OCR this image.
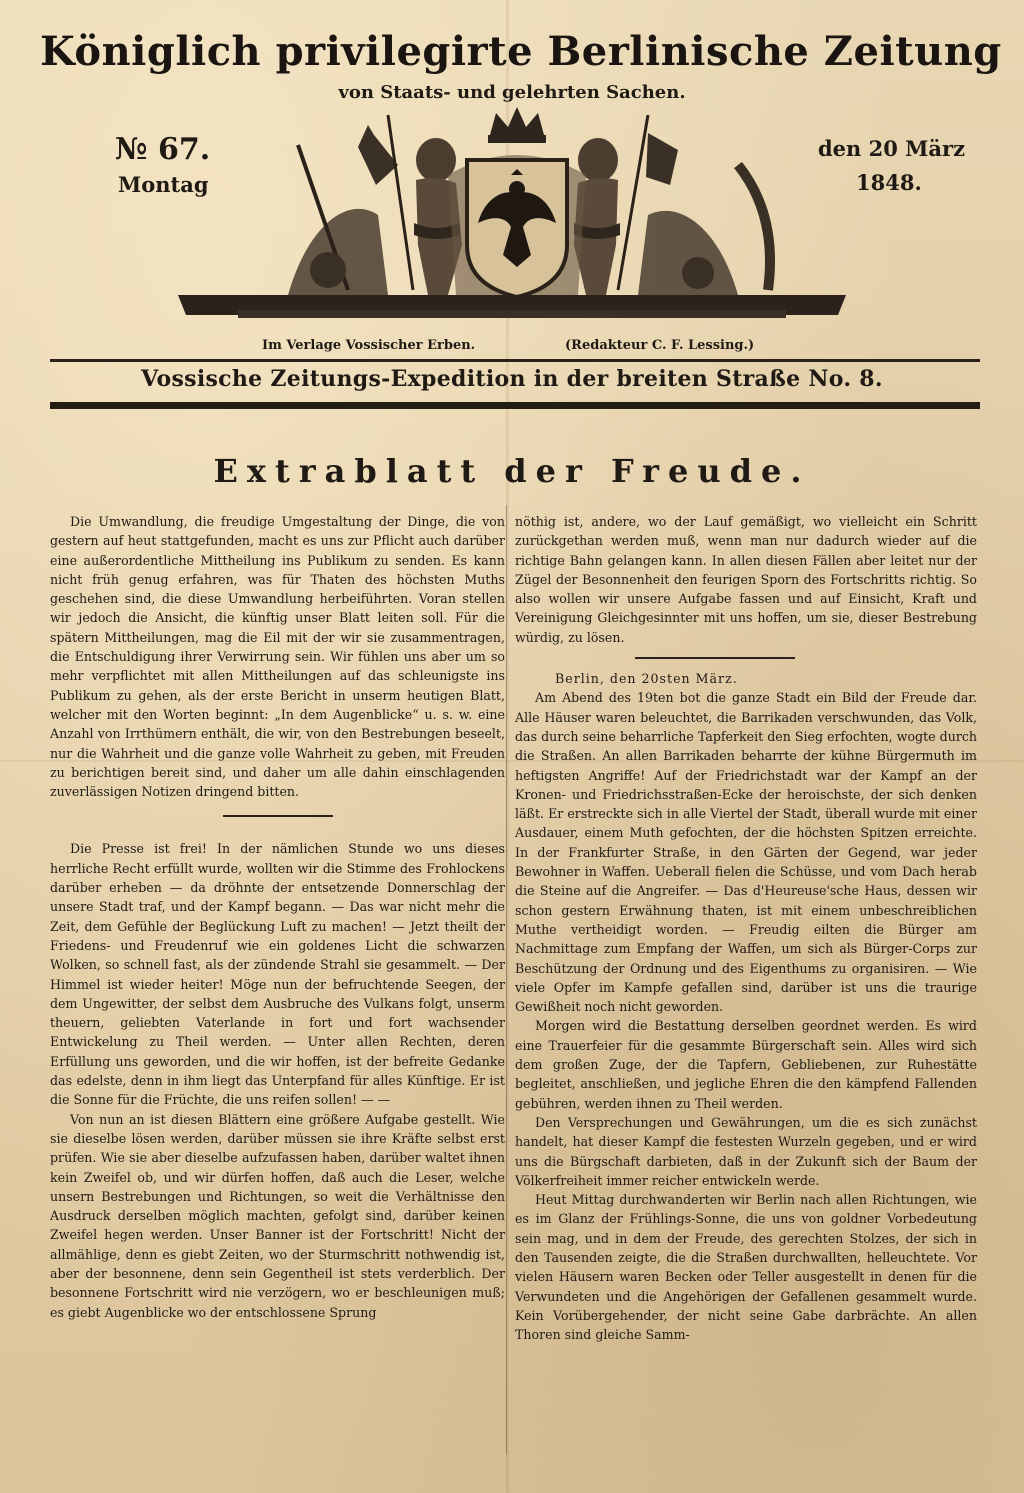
Königlich privilegirte Berlinische Zeitung
von Staats- und gelehrten Sachen.
№ 67.
Montag
den 20 März
1848.
Im Verlage Vossischer Erben.	(Redakteur C. F. Lessing.)
Vossische Zeitungs-Expedition in der breiten Straße No. 8.
Extrablatt der Freude.

Die Umwandlung, die freudige Umgestaltung der Dinge, die von gestern auf heut stattgefunden, macht es uns zur Pflicht auch darüber eine außerordentliche Mittheilung ins Publikum zu senden. Es kann nicht früh genug erfahren, was für Thaten des höchsten Muths geschehen sind, die diese Umwandlung herbeiführten. Voran stellen wir jedoch die Ansicht, die künftig unser Blatt leiten soll. Für die spätern Mittheilungen, mag die Eil mit der wir sie zusammentragen, die Entschuldigung ihrer Verwirrung sein. Wir fühlen uns aber um so mehr verpflichtet mit allen Mittheilungen auf das schleunigste ins Publikum zu gehen, als der erste Bericht in unserm heutigen Blatt, welcher mit den Worten beginnt: „In dem Augenblicke“ u. s. w. eine Anzahl von Irrthümern enthält, die wir, von den Bestrebungen beseelt, nur die Wahrheit und die ganze volle Wahrheit zu geben, mit Freuden zu berichtigen bereit sind, und daher um alle dahin einschlagenden zuverlässigen Notizen dringend bitten.

Die Presse ist frei! In der nämlichen Stunde wo uns dieses herrliche Recht erfüllt wurde, wollten wir die Stimme des Frohlockens darüber erheben — da dröhnte der entsetzende Donnerschlag der unsere Stadt traf, und der Kampf begann. — Das war nicht mehr die Zeit, dem Gefühle der Beglückung Luft zu machen! — Jetzt theilt der Friedens- und Freudenruf wie ein goldenes Licht die schwarzen Wolken, so schnell fast, als der zündende Strahl sie gesammelt. — Der Himmel ist wieder heiter! Möge nun der befruchtende Seegen, der dem Ungewitter, der selbst dem Ausbruche des Vulkans folgt, unserm theuern, geliebten Vaterlande in fort und fort wachsender Entwickelung zu Theil werden. — Unter allen Rechten, deren Erfüllung uns geworden, und die wir hoffen, ist der befreite Gedanke das edelste, denn in ihm liegt das Unterpfand für alles Künftige. Er ist die Sonne für die Früchte, die uns reifen sollen! — —

Von nun an ist diesen Blättern eine größere Aufgabe gestellt. Wie sie dieselbe lösen werden, darüber müssen sie ihre Kräfte selbst erst prüfen. Wie sie aber dieselbe aufzufassen haben, darüber waltet ihnen kein Zweifel ob, und wir dürfen hoffen, daß auch die Leser, welche unsern Bestrebungen und Richtungen, so weit die Verhältnisse den Ausdruck derselben möglich machten, gefolgt sind, darüber keinen Zweifel hegen werden. Unser Banner ist der Fortschritt! Nicht der allmählige, denn es giebt Zeiten, wo der Sturmschritt nothwendig ist, aber der besonnene, denn sein Gegentheil ist stets verderblich. Der besonnene Fortschritt wird nie verzögern, wo er beschleunigen muß; es giebt Augenblicke wo der entschlossene Sprung

nöthig ist, andere, wo der Lauf gemäßigt, wo vielleicht ein Schritt zurückgethan werden muß, wenn man nur dadurch wieder auf die richtige Bahn gelangen kann. In allen diesen Fällen aber leitet nur der Zügel der Besonnenheit den feurigen Sporn des Fortschritts richtig. So also wollen wir unsere Aufgabe fassen und auf Einsicht, Kraft und Vereinigung Gleichgesinnter mit uns hoffen, um sie, dieser Bestrebung würdig, zu lösen.

Berlin, den 20sten März.

Am Abend des 19ten bot die ganze Stadt ein Bild der Freude dar. Alle Häuser waren beleuchtet, die Barrikaden verschwunden, das Volk, das durch seine beharrliche Tapferkeit den Sieg erfochten, wogte durch die Straßen. An allen Barrikaden beharrte der kühne Bürgermuth im heftigsten Angriffe! Auf der Friedrichstadt war der Kampf an der Kronen- und Friedrichsstraßen-Ecke der heroischste, der sich denken läßt. Er erstreckte sich in alle Viertel der Stadt, überall wurde mit einer Ausdauer, einem Muth gefochten, der die höchsten Spitzen erreichte. In der Frankfurter Straße, in den Gärten der Gegend, war jeder Bewohner in Waffen. Ueberall fielen die Schüsse, und vom Dach herab die Steine auf die Angreifer. — Das d'Heureuse'sche Haus, dessen wir schon gestern Erwähnung thaten, ist mit einem unbeschreiblichen Muthe vertheidigt worden. — Freudig eilten die Bürger am Nachmittage zum Empfang der Waffen, um sich als Bürger-Corps zur Beschützung der Ordnung und des Eigenthums zu organisiren. — Wie viele Opfer im Kampfe gefallen sind, darüber ist uns die traurige Gewißheit noch nicht geworden.

Morgen wird die Bestattung derselben geordnet werden. Es wird eine Trauerfeier für die gesammte Bürgerschaft sein. Alles wird sich dem großen Zuge, der die Tapfern, Gebliebenen, zur Ruhestätte begleitet, anschließen, und jegliche Ehren die den kämpfend Fallenden gebühren, werden ihnen zu Theil werden.

Den Versprechungen und Gewährungen, um die es sich zunächst handelt, hat dieser Kampf die festesten Wurzeln gegeben, und er wird uns die Bürgschaft darbieten, daß in der Zukunft sich der Baum der Völkerfreiheit immer reicher entwickeln werde.

Heut Mittag durchwanderten wir Berlin nach allen Richtungen, wie es im Glanz der Frühlings-Sonne, die uns von goldner Vorbedeutung sein mag, und in dem der Freude, des gerechten Stolzes, der sich in den Tausenden zeigte, die die Straßen durchwallten, helleuchtete. Vor vielen Häusern waren Becken oder Teller ausgestellt in denen für die Verwundeten und die Angehörigen der Gefallenen gesammelt wurde. Kein Vorübergehender, der nicht seine Gabe darbrächte. An allen Thoren sind gleiche Samm-
